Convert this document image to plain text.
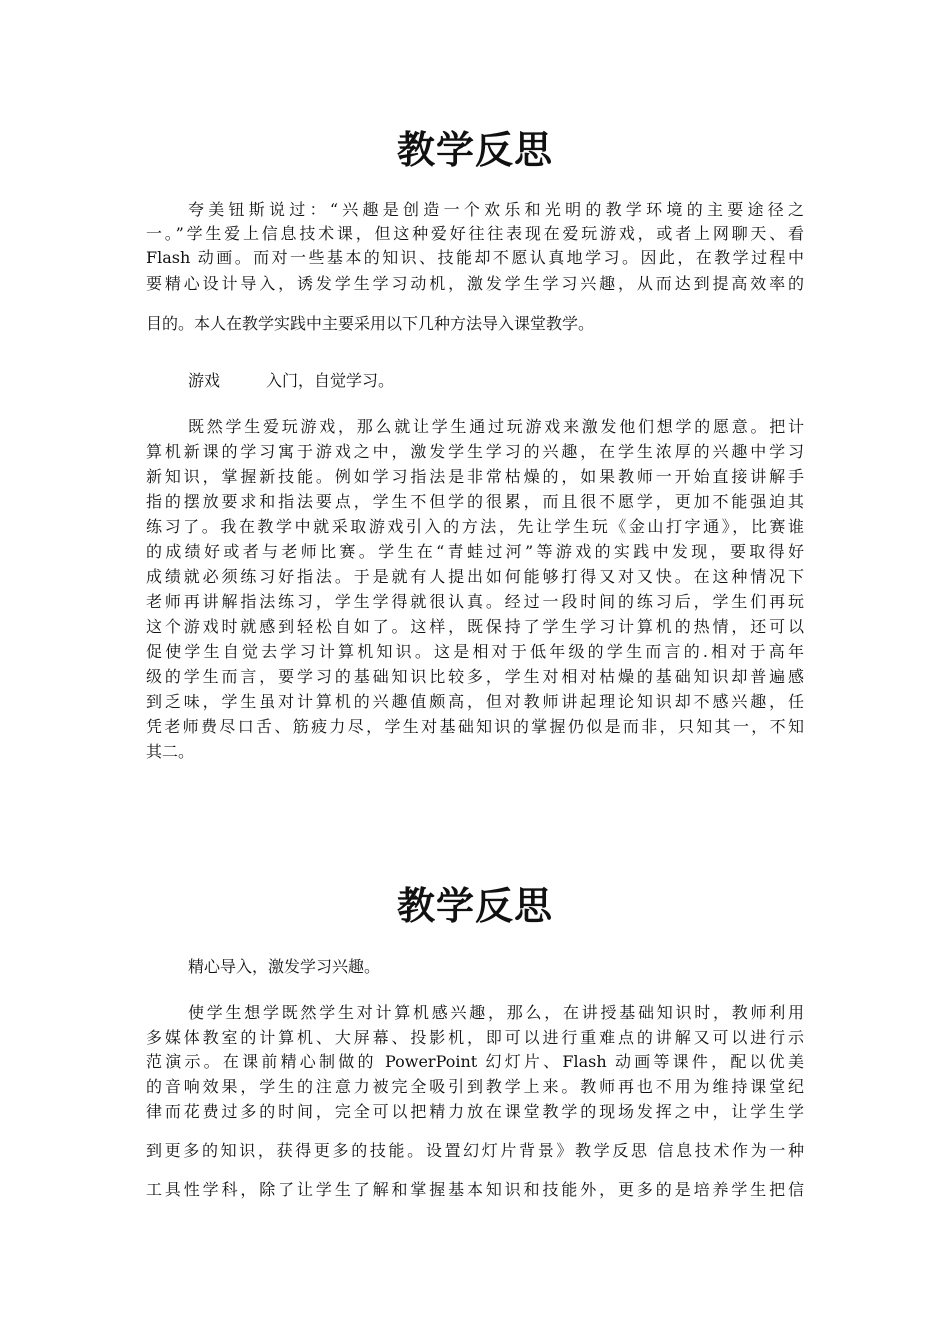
教学反思
夸美钮斯说过：“兴趣是创造一个欢乐和光明的教学环境的主要途径之
一。”学生爱上信息技术课，但这种爱好往往表现在爱玩游戏，或者上网聊天、看
Flash 动画。而对一些基本的知识、技能却不愿认真地学习。因此，在教学过程中
要精心设计导入，诱发学生学习动机，激发学生学习兴趣，从而达到提高效率的
目的。本人在教学实践中主要采用以下几种方法导入课堂教学。
游戏	入门，自觉学习。
既然学生爱玩游戏，那么就让学生通过玩游戏来激发他们想学的愿意。把计
算机新课的学习寓于游戏之中，激发学生学习的兴趣，在学生浓厚的兴趣中学习
新知识，掌握新技能。例如学习指法是非常枯燥的，如果教师一开始直接讲解手
指的摆放要求和指法要点，学生不但学的很累，而且很不愿学，更加不能强迫其
练习了。我在教学中就采取游戏引入的方法，先让学生玩《金山打字通》，比赛谁
的成绩好或者与老师比赛。学生在“青蛙过河”等游戏的实践中发现，要取得好
成绩就必须练习好指法。于是就有人提出如何能够打得又对又快。在这种情况下
老师再讲解指法练习，学生学得就很认真。经过一段时间的练习后，学生们再玩
这个游戏时就感到轻松自如了。这样，既保持了学生学习计算机的热情，还可以
促使学生自觉去学习计算机知识。这是相对于低年级的学生而言的.相对于高年
级的学生而言，要学习的基础知识比较多，学生对相对枯燥的基础知识却普遍感
到乏味，学生虽对计算机的兴趣值颇高，但对教师讲起理论知识却不感兴趣，任
凭老师费尽口舌、筋疲力尽，学生对基础知识的掌握仍似是而非，只知其一，不知
其二。
教学反思
精心导入，激发学习兴趣。
使学生想学既然学生对计算机感兴趣，那么，在讲授基础知识时，教师利用
多媒体教室的计算机、大屏幕、投影机，即可以进行重难点的讲解又可以进行示
范演示。在课前精心制做的 PowerPoint 幻灯片、Flash 动画等课件，配以优美
的音响效果，学生的注意力被完全吸引到教学上来。教师再也不用为维持课堂纪
律而花费过多的时间，完全可以把精力放在课堂教学的现场发挥之中，让学生学
到更多的知识，获得更多的技能。设置幻灯片背景》教学反思 信息技术作为一种
工具性学科，除了让学生了解和掌握基本知识和技能外，更多的是培养学生把信
